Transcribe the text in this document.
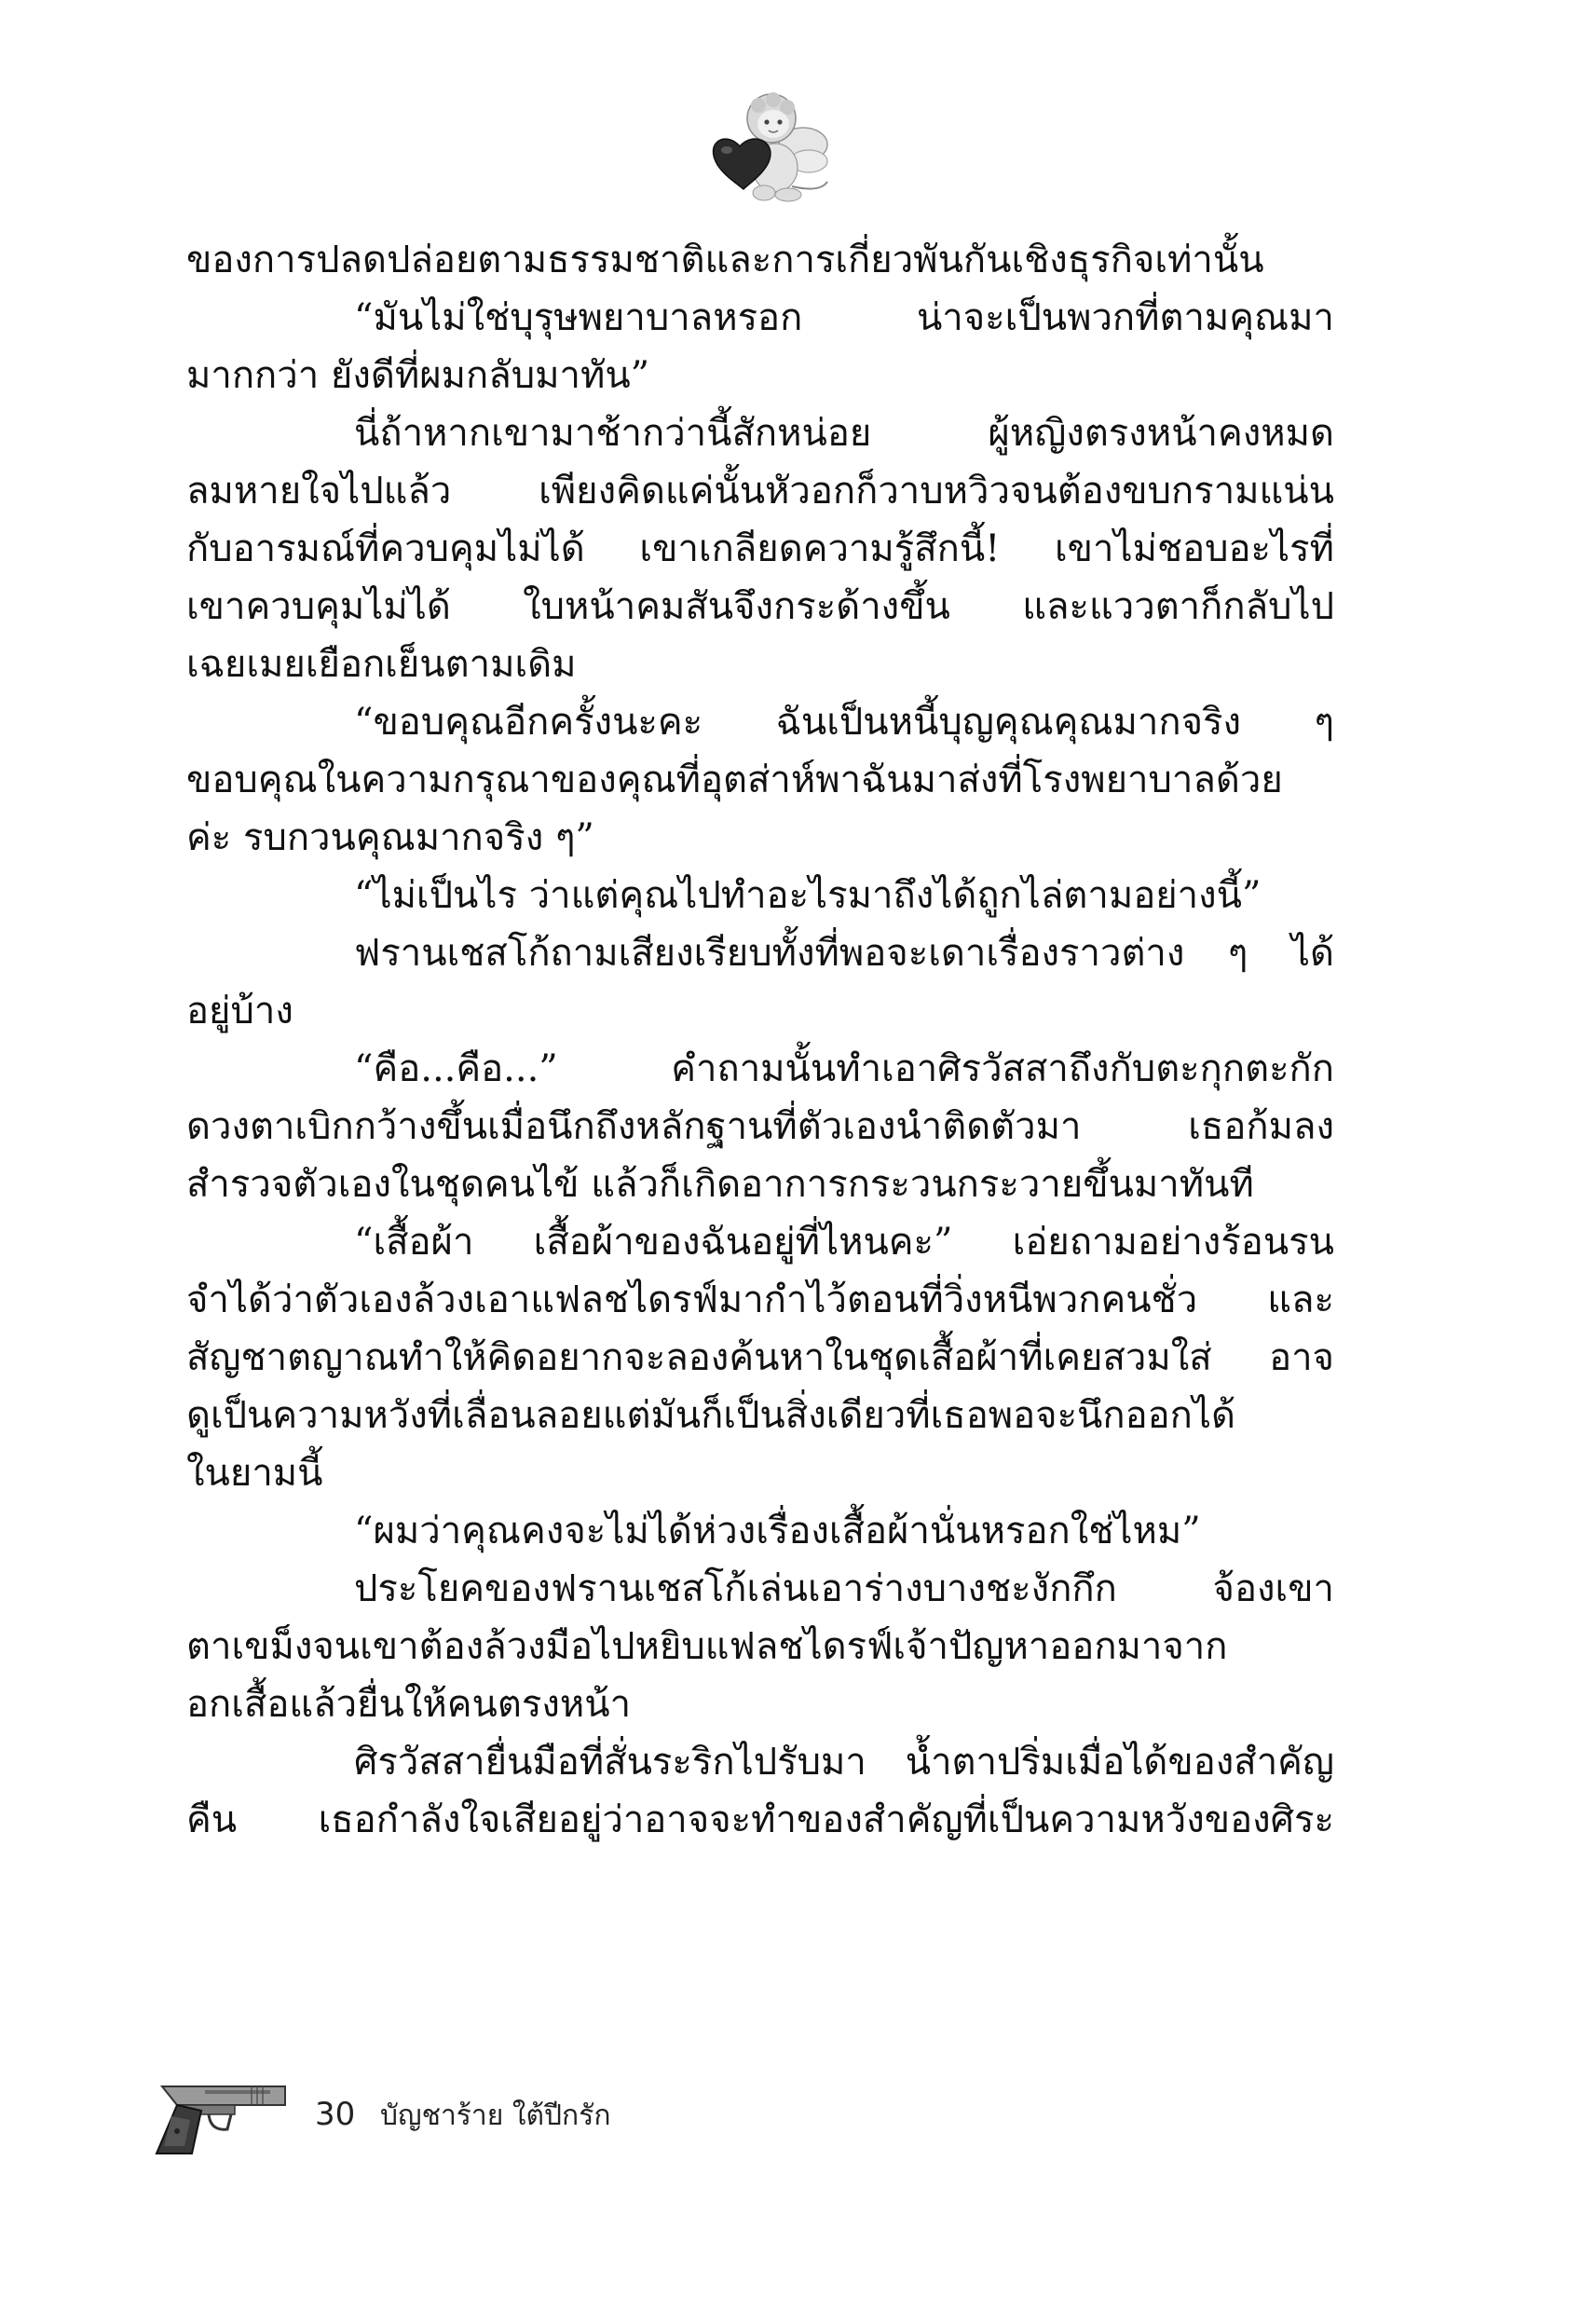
ของการปลดปล่อยตามธรรมชาติและการเกี่ยวพันกันเชิงธุรกิจเท่านั้น
“มันไม่ใช่บุรุษพยาบาลหรอก น่าจะเป็นพวกที่ตามคุณมา
มากกว่า ยังดีที่ผมกลับมาทัน”
นี่ถ้าหากเขามาช้ากว่านี้สักหน่อย ผู้หญิงตรงหน้าคงหมด
ลมหายใจไปแล้ว เพียงคิดแค่นั้นหัวอกก็วาบหวิวจนต้องขบกรามแน่น
กับอารมณ์ที่ควบคุมไม่ได้ เขาเกลียดความรู้สึกนี้! เขาไม่ชอบอะไรที่
เขาควบคุมไม่ได้ ใบหน้าคมสันจึงกระด้างขึ้น และแววตาก็กลับไป
เฉยเมยเยือกเย็นตามเดิม
“ขอบคุณอีกครั้งนะคะ ฉันเป็นหนี้บุญคุณคุณมากจริง ๆ
ขอบคุณในความกรุณาของคุณที่อุตส่าห์พาฉันมาส่งที่โรงพยาบาลด้วย
ค่ะ รบกวนคุณมากจริง ๆ”
“ไม่เป็นไร ว่าแต่คุณไปทำอะไรมาถึงได้ถูกไล่ตามอย่างนี้”
ฟรานเชสโก้ถามเสียงเรียบทั้งที่พอจะเดาเรื่องราวต่าง ๆ ได้
อยู่บ้าง
“คือ...คือ...” คำถามนั้นทำเอาศิรวัสสาถึงกับตะกุกตะกัก
ดวงตาเบิกกว้างขึ้นเมื่อนึกถึงหลักฐานที่ตัวเองนำติดตัวมา เธอก้มลง
สำรวจตัวเองในชุดคนไข้ แล้วก็เกิดอาการกระวนกระวายขึ้นมาทันที
“เสื้อผ้า เสื้อผ้าของฉันอยู่ที่ไหนคะ” เอ่ยถามอย่างร้อนรน
จำได้ว่าตัวเองล้วงเอาแฟลชไดรฟ์มากำไว้ตอนที่วิ่งหนีพวกคนชั่ว และ
สัญชาตญาณทำให้คิดอยากจะลองค้นหาในชุดเสื้อผ้าที่เคยสวมใส่ อาจ
ดูเป็นความหวังที่เลื่อนลอยแต่มันก็เป็นสิ่งเดียวที่เธอพอจะนึกออกได้
ในยามนี้
“ผมว่าคุณคงจะไม่ได้ห่วงเรื่องเสื้อผ้านั่นหรอกใช่ไหม”
ประโยคของฟรานเชสโก้เล่นเอาร่างบางชะงักกึก จ้องเขา
ตาเขม็งจนเขาต้องล้วงมือไปหยิบแฟลชไดรฟ์เจ้าปัญหาออกมาจาก
อกเสื้อแล้วยื่นให้คนตรงหน้า
ศิรวัสสายื่นมือที่สั่นระริกไปรับมา น้ำตาปริ่มเมื่อได้ของสำคัญ
คืน เธอกำลังใจเสียอยู่ว่าอาจจะทำของสำคัญที่เป็นความหวังของศิระ
30 บัญชาร้าย ใต้ปีกรัก
